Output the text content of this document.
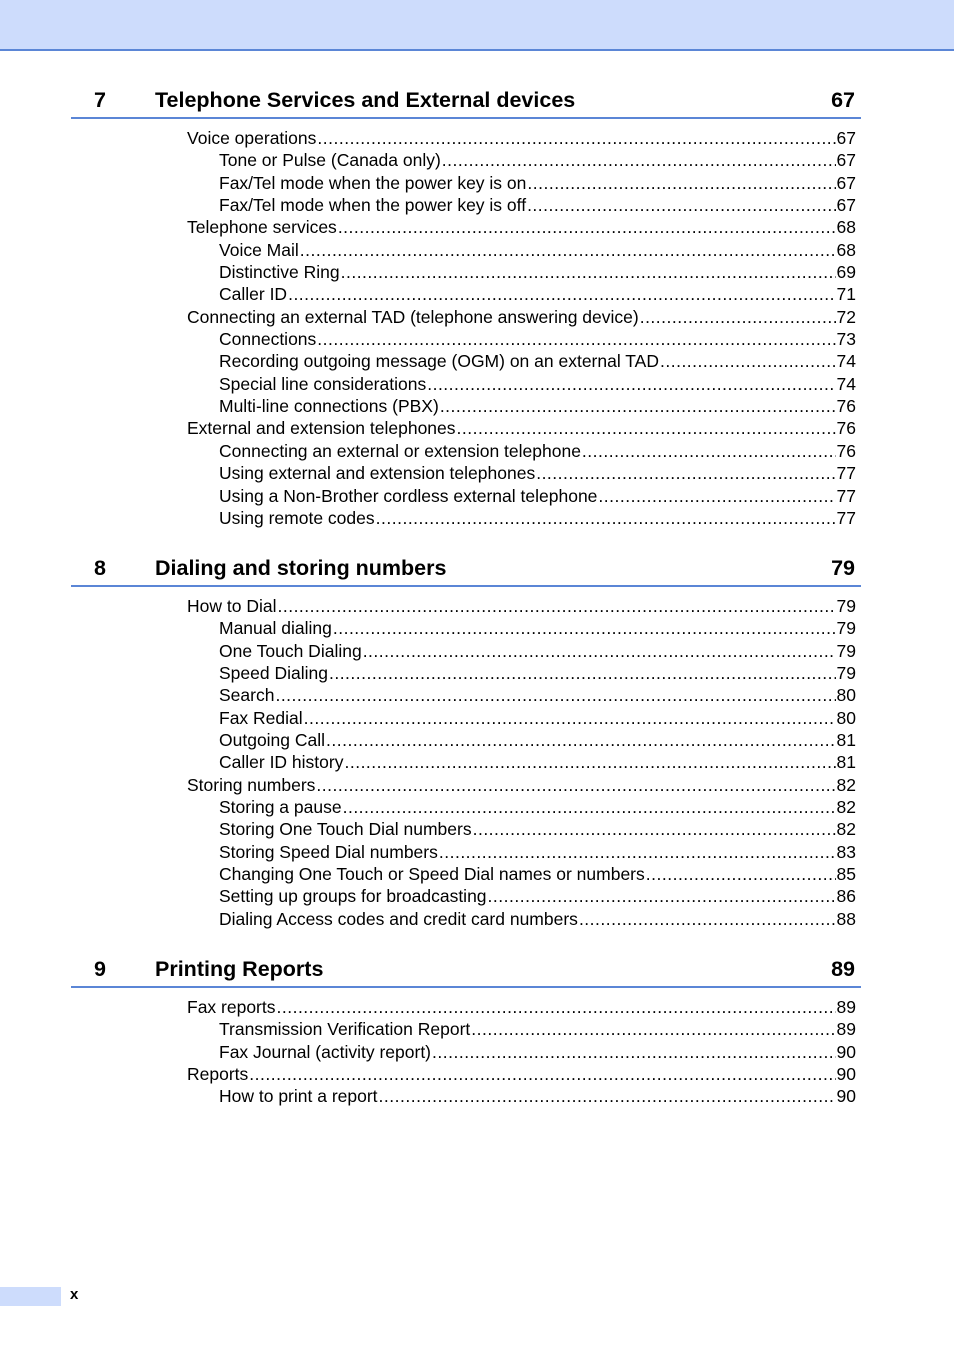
7 Telephone Services and External devices	67
Voice operations .....	67
Tone or Pulse (Canada only) .....	67
Fax/Tel mode when the power key is on .....	67
Fax/Tel mode when the power key is off .....	67
Telephone services .....	68
Voice Mail .....	68
Distinctive Ring .....	69
Caller ID .....	71
Connecting an external TAD (telephone answering device) .....	72
Connections .....	73
Recording outgoing message (OGM) on an external TAD .....	74
Special line considerations .....	74
Multi-line connections (PBX) .....	76
External and extension telephones .....	76
Connecting an external or extension telephone .....	76
Using external and extension telephones .....	77
Using a Non-Brother cordless external telephone .....	77
Using remote codes .....	77
8 Dialing and storing numbers	79
How to Dial .....	79
Manual dialing .....	79
One Touch Dialing .....	79
Speed Dialing .....	79
Search .....	80
Fax Redial .....	80
Outgoing Call .....	81
Caller ID history .....	81
Storing numbers .....	82
Storing a pause .....	82
Storing One Touch Dial numbers .....	82
Storing Speed Dial numbers .....	83
Changing One Touch or Speed Dial names or numbers .....	85
Setting up groups for broadcasting .....	86
Dialing Access codes and credit card numbers .....	88
9 Printing Reports	89
Fax reports .....	89
Transmission Verification Report .....	89
Fax Journal (activity report) .....	90
Reports .....	90
How to print a report .....	90
x
